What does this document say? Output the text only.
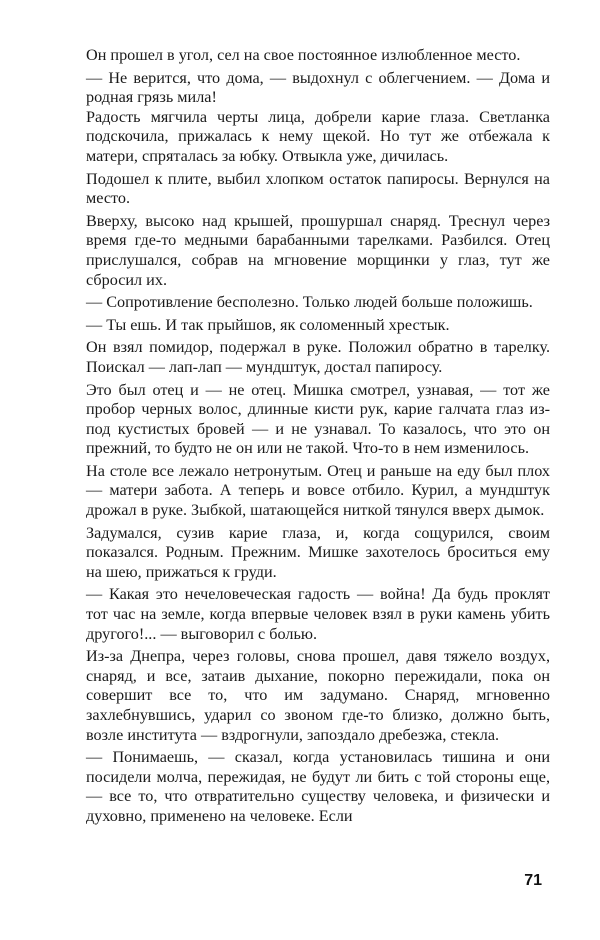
Он прошел в угол, сел на свое постоянное излюбленное место.

— Не верится, что дома, — выдохнул с облегчением. — Дома и родная грязь мила!

Радость мягчила черты лица, добрели карие глаза. Светланка подскочила, прижалась к нему щекой. Но тут же отбежала к матери, спряталась за юбку. Отвыкла уже, дичилась.

Подошел к плите, выбил хлопком остаток папиросы. Вернулся на место.

Вверху, высоко над крышей, прошуршал снаряд. Треснул через время где-то медными барабанными тарелками. Разбился. Отец прислушался, собрав на мгновение морщинки у глаз, тут же сбросил их.

— Сопротивление бесполезно. Только людей больше положишь.

— Ты ешь. И так прыйшов, як соломенный хрестык.

Он взял помидор, подержал в руке. Положил обратно в тарелку. Поискал — лап-лап — мундштук, достал папиросу.

Это был отец и — не отец. Мишка смотрел, узнавая, — тот же пробор черных волос, длинные кисти рук, карие галчата глаз из-под кустистых бровей — и не узнавал. То казалось, что это он прежний, то будто не он или не такой. Что-то в нем изменилось.

На столе все лежало нетронутым. Отец и раньше на еду был плох — матери забота. А теперь и вовсе отбило. Курил, а мундштук дрожал в руке. Зыбкой, шатающейся ниткой тянулся вверх дымок.

Задумался, сузив карие глаза, и, когда сощурился, своим показался. Родным. Прежним. Мишке захотелось броситься ему на шею, прижаться к груди.

— Какая это нечеловеческая гадость — война! Да будь проклят тот час на земле, когда впервые человек взял в руки камень убить другого!... — выговорил с болью.

Из-за Днепра, через головы, снова прошел, давя тяжело воздух, снаряд, и все, затаив дыхание, покорно пережидали, пока он совершит все то, что им задумано. Снаряд, мгновенно захлебнувшись, ударил со звоном где-то близко, должно быть, возле института — вздрогнули, запоздало дребезжа, стекла.

— Понимаешь, — сказал, когда установилась тишина и они посидели молча, пережидая, не будут ли бить с той стороны еще, — все то, что отвратительно существу человека, и физически и духовно, применено на человеке. Если

71
